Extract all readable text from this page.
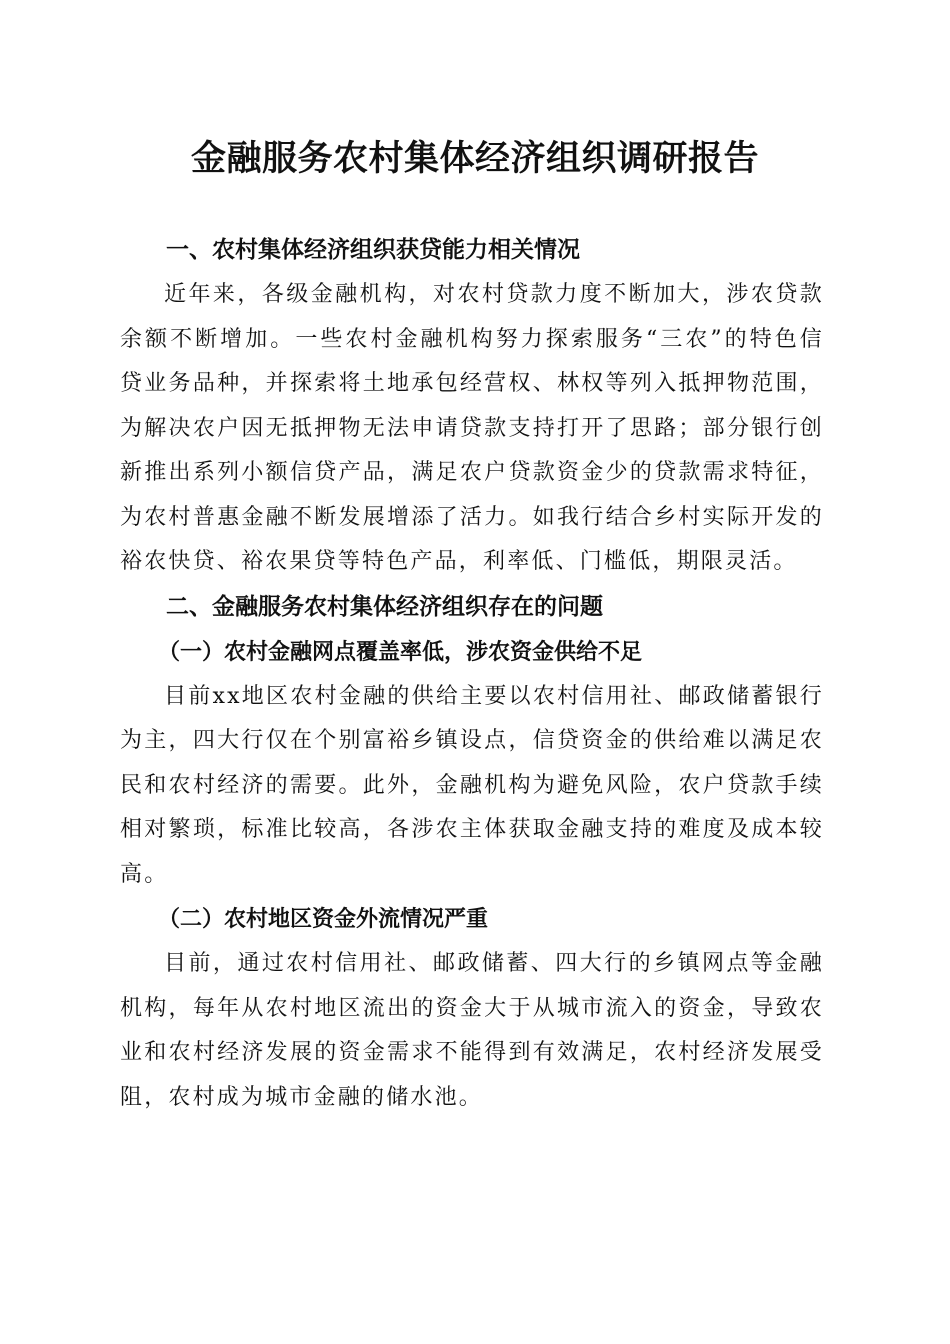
金融服务农村集体经济组织调研报告
一、农村集体经济组织获贷能力相关情况

近年来，各级金融机构，对农村贷款力度不断加大，涉农贷款余额不断增加。一些农村金融机构努力探索服务“三农”的特色信贷业务品种，并探索将土地承包经营权、林权等列入抵押物范围，为解决农户因无抵押物无法申请贷款支持打开了思路；部分银行创新推出系列小额信贷产品，满足农户贷款资金少的贷款需求特征，为农村普惠金融不断发展增添了活力。如我行结合乡村实际开发的裕农快贷、裕农果贷等特色产品，利率低、门槛低，期限灵活。

二、金融服务农村集体经济组织存在的问题
（一）农村金融网点覆盖率低，涉农资金供给不足

目前xx地区农村金融的供给主要以农村信用社、邮政储蓄银行为主，四大行仅在个别富裕乡镇设点，信贷资金的供给难以满足农民和农村经济的需要。此外，金融机构为避免风险，农户贷款手续相对繁琐，标准比较高，各涉农主体获取金融支持的难度及成本较高。

（二）农村地区资金外流情况严重

目前，通过农村信用社、邮政储蓄、四大行的乡镇网点等金融机构，每年从农村地区流出的资金大于从城市流入的资金，导致农业和农村经济发展的资金需求不能得到有效满足，农村经济发展受阻，农村成为城市金融的储水池。
